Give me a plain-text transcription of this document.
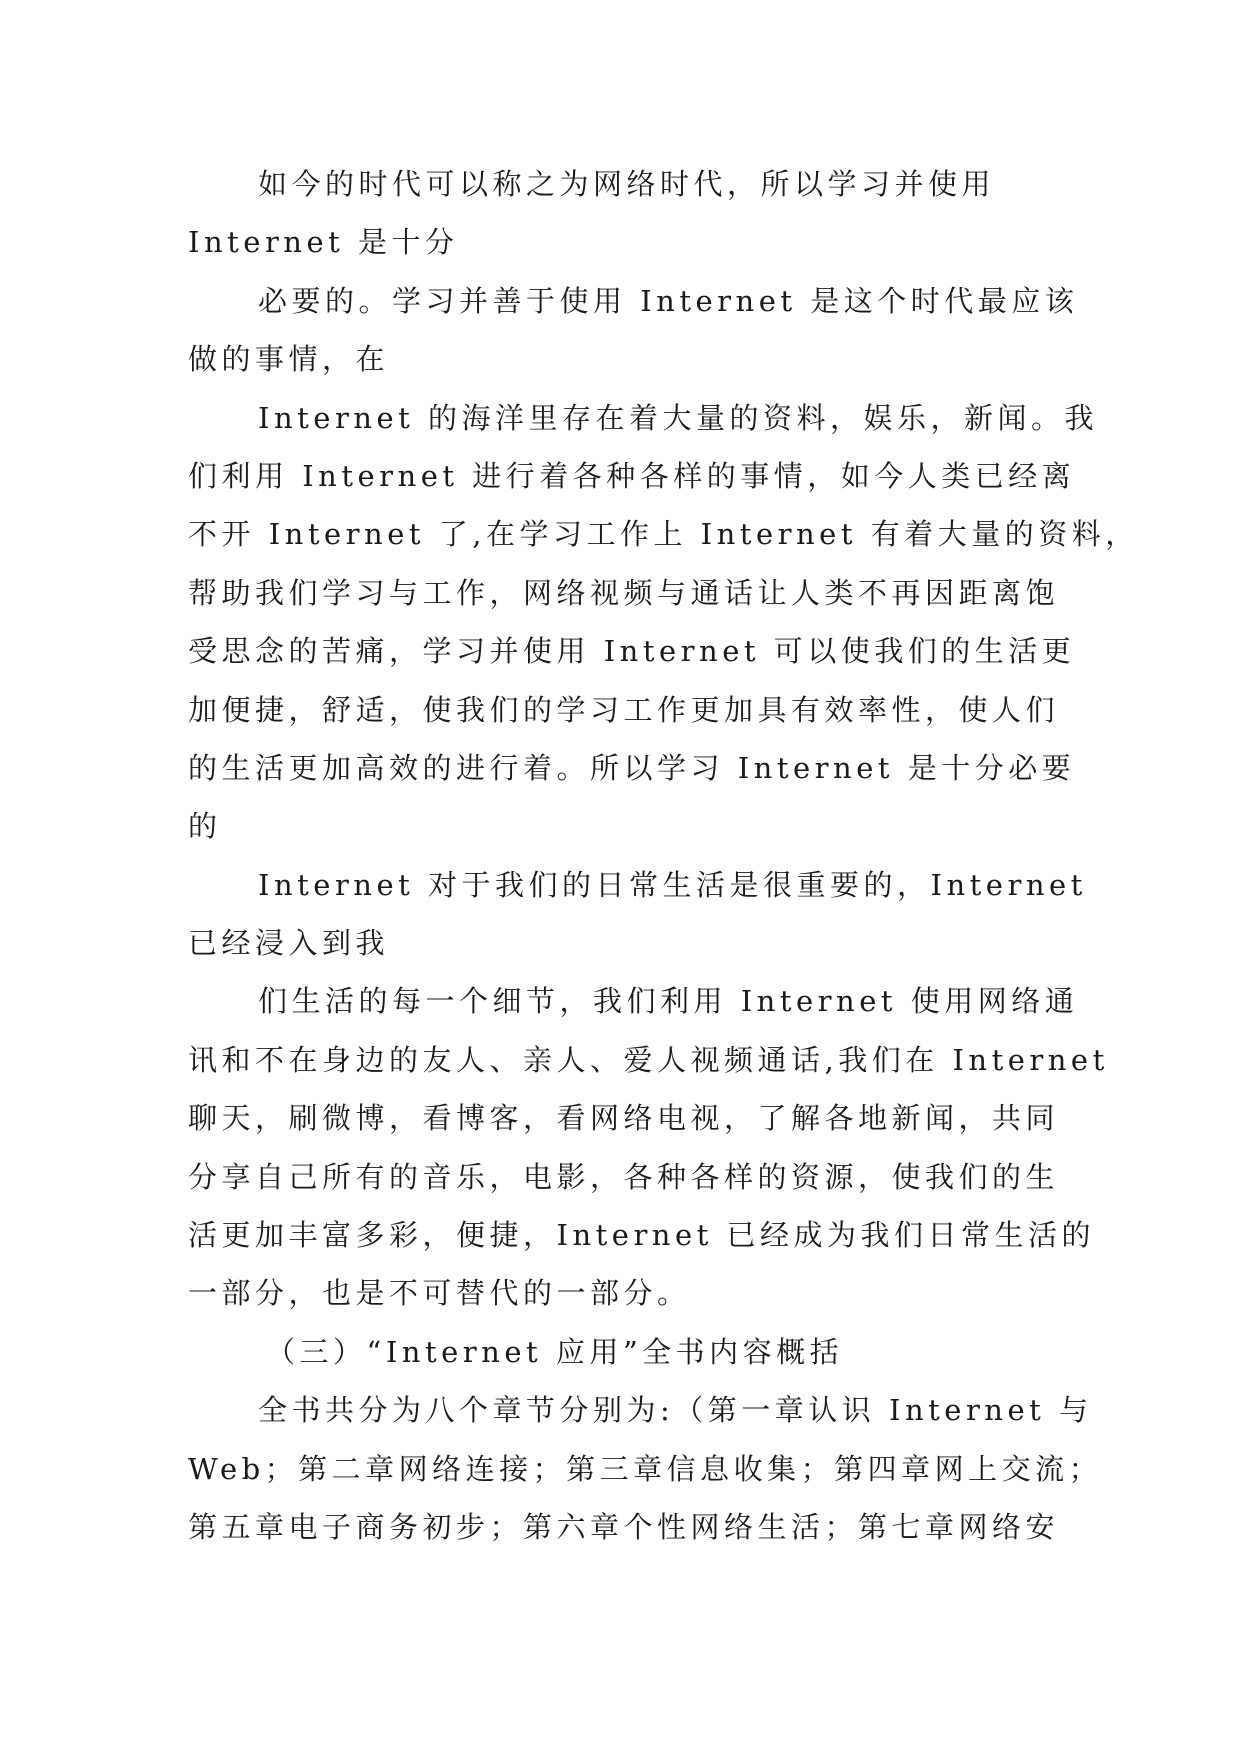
如今的时代可以称之为网络时代，所以学习并使用
Internet 是十分
必要的。学习并善于使用 Internet 是这个时代最应该
做的事情，在
Internet 的海洋里存在着大量的资料，娱乐，新闻。我
们利用 Internet 进行着各种各样的事情，如今人类已经离
不开 Internet 了,在学习工作上 Internet 有着大量的资料，
帮助我们学习与工作，网络视频与通话让人类不再因距离饱
受思念的苦痛，学习并使用 Internet 可以使我们的生活更
加便捷，舒适，使我们的学习工作更加具有效率性，使人们
的生活更加高效的进行着。所以学习 Internet 是十分必要
的
Internet 对于我们的日常生活是很重要的，Internet
已经浸入到我
们生活的每一个细节，我们利用 Internet 使用网络通
讯和不在身边的友人、亲人、爱人视频通话,我们在 Internet
聊天，刷微博，看博客，看网络电视，了解各地新闻，共同
分享自己所有的音乐，电影，各种各样的资源，使我们的生
活更加丰富多彩，便捷，Internet 已经成为我们日常生活的
一部分，也是不可替代的一部分。
（三）“Internet 应用”全书内容概括
全书共分为八个章节分别为:（第一章认识 Internet 与
Web；第二章网络连接；第三章信息收集；第四章网上交流；
第五章电子商务初步；第六章个性网络生活；第七章网络安
